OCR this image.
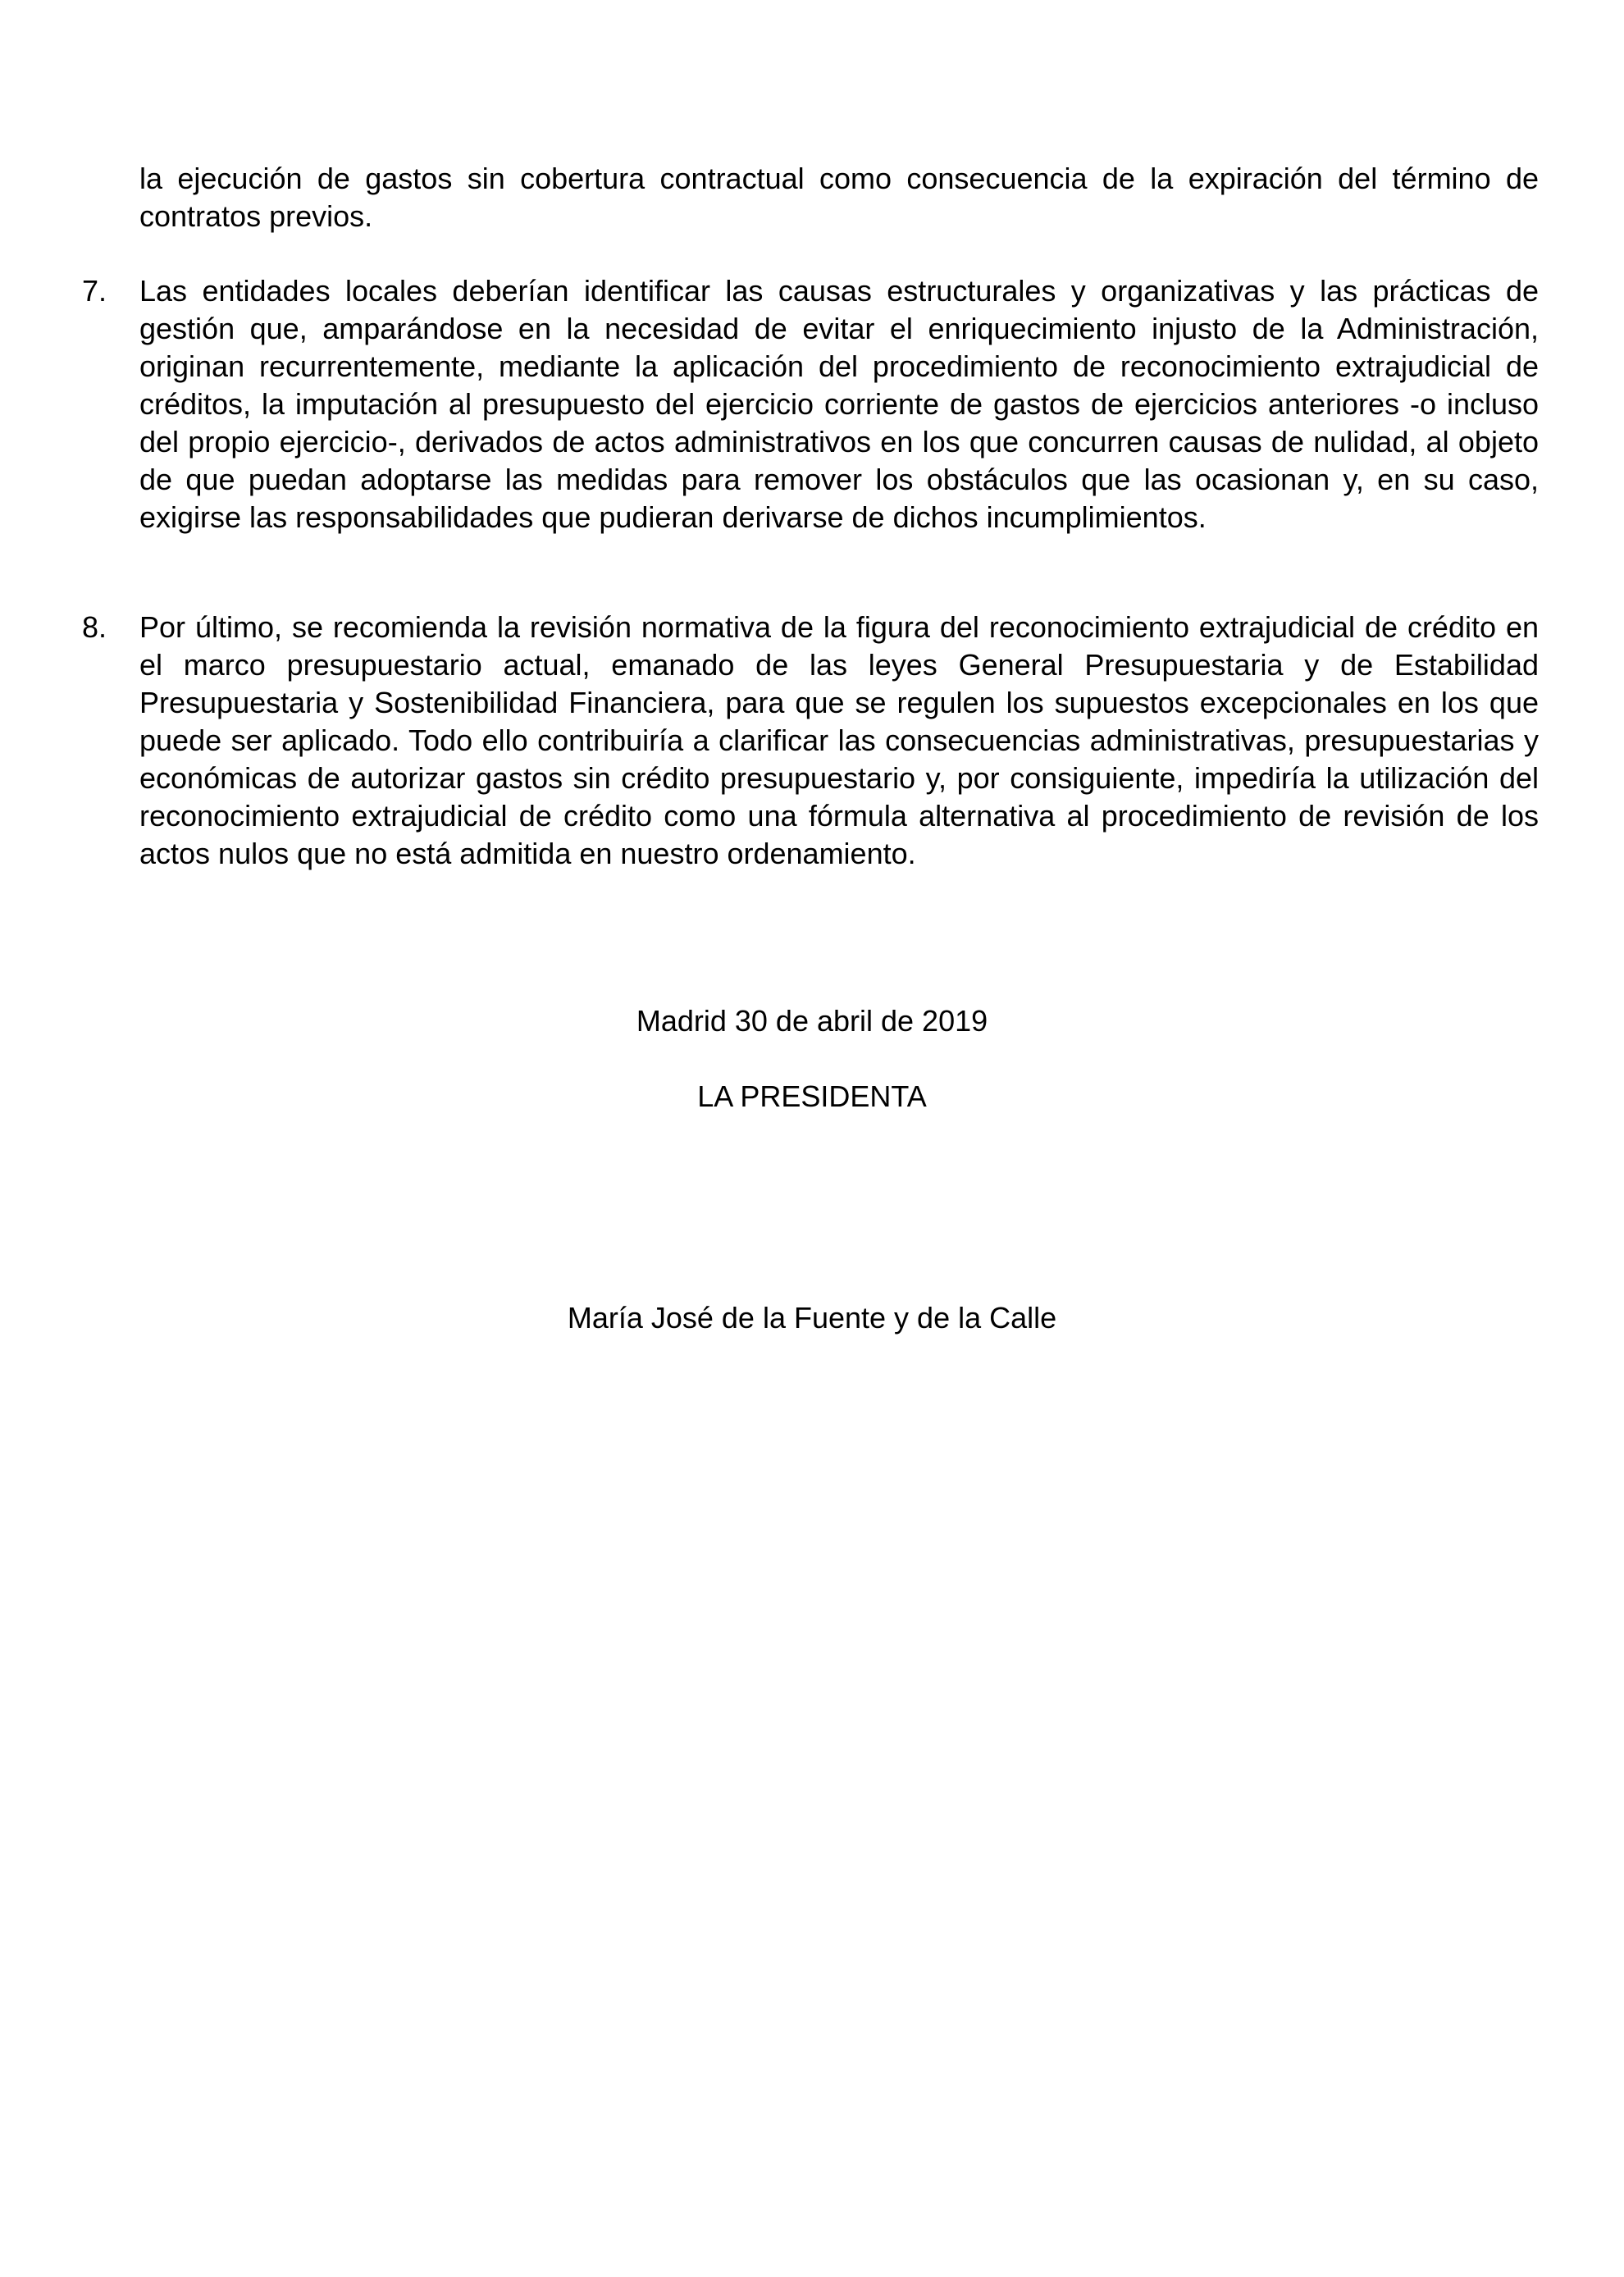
la ejecución de gastos sin cobertura contractual como consecuencia de la expiración del término de contratos previos.

7.	Las entidades locales deberían identificar las causas estructurales y organizativas y las prácticas de gestión que, amparándose en la necesidad de evitar el enriquecimiento injusto de la Administración, originan recurrentemente, mediante la aplicación del procedimiento de reconocimiento extrajudicial de créditos, la imputación al presupuesto del ejercicio corriente de gastos de ejercicios anteriores -o incluso del propio ejercicio-, derivados de actos administrativos en los que concurren causas de nulidad, al objeto de que puedan adoptarse las medidas para remover los obstáculos que las ocasionan y, en su caso, exigirse las responsabilidades que pudieran derivarse de dichos incumplimientos.

8.	Por último, se recomienda la revisión normativa de la figura del reconocimiento extrajudicial de crédito en el marco presupuestario actual, emanado de las leyes General Presupuestaria y de Estabilidad Presupuestaria y Sostenibilidad Financiera, para que se regulen los supuestos excepcionales en los que puede ser aplicado. Todo ello contribuiría a clarificar las consecuencias administrativas, presupuestarias y económicas de autorizar gastos sin crédito presupuestario y, por consiguiente, impediría la utilización del reconocimiento extrajudicial de crédito como una fórmula alternativa al procedimiento de revisión de los actos nulos que no está admitida en nuestro ordenamiento.

Madrid 30 de abril de 2019
LA PRESIDENTA
María José de la Fuente y de la Calle
